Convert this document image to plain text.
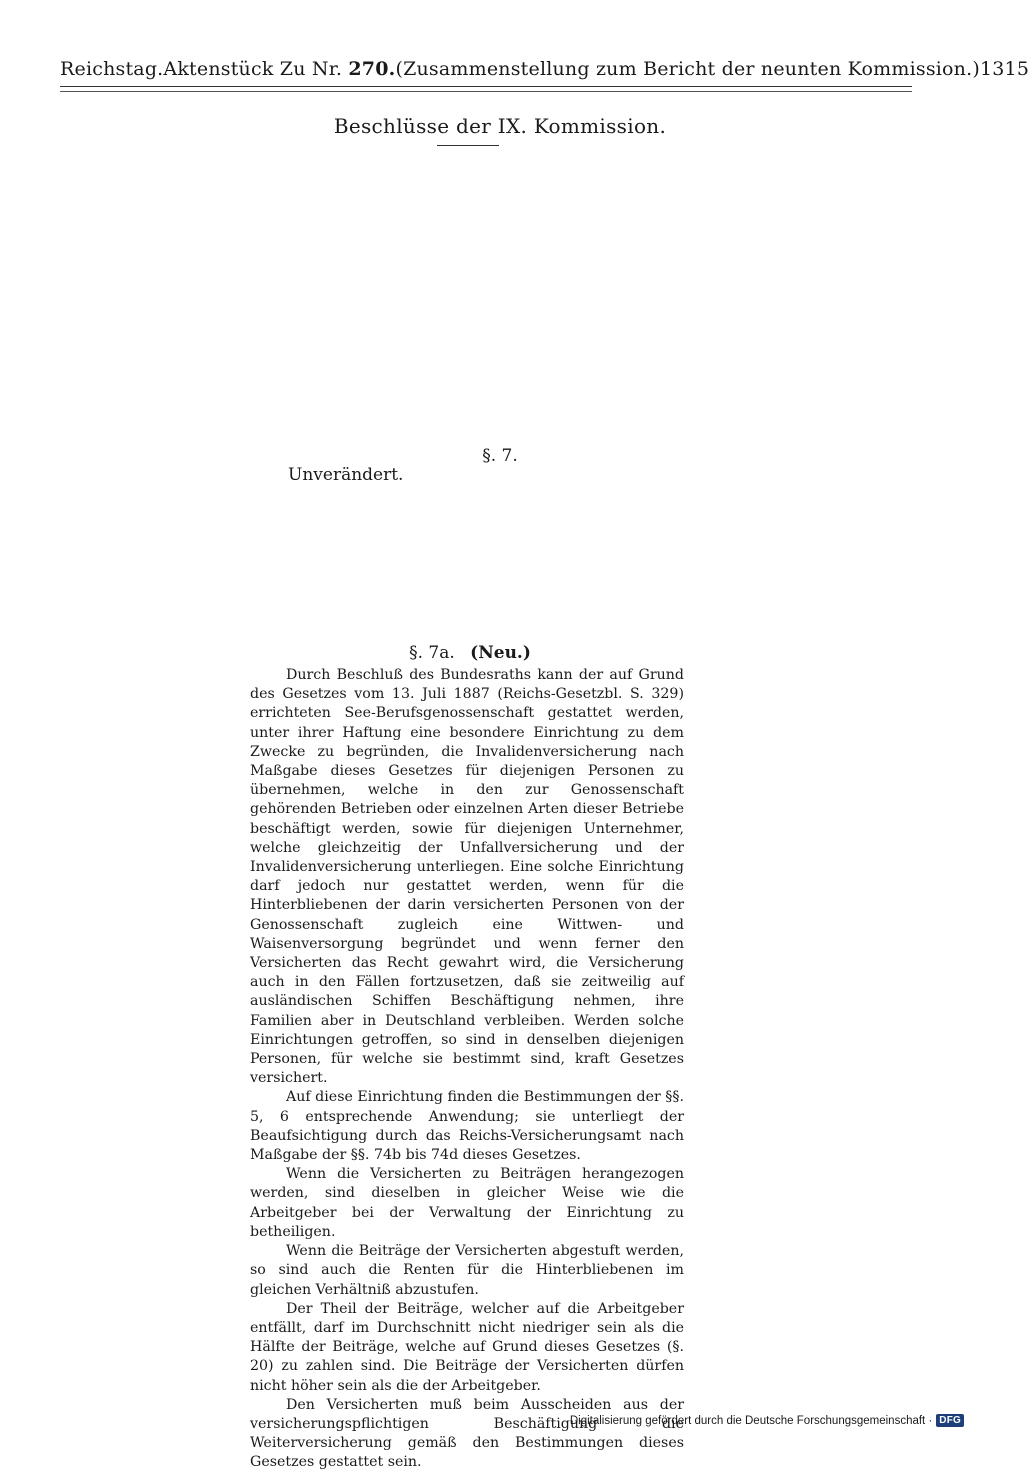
Reichstag. Aktenstück Zu Nr. 270. (Zusammenstellung zum Bericht der neunten Kommission.) 1315
Beschlüsse der IX. Kommission.
§. 7.
Unverändert.
§. 7a. (Neu.)

Durch Beschluß des Bundesraths kann der auf Grund des Gesetzes vom 13. Juli 1887 (Reichs-Gesetzbl. S. 329) errichteten See-Berufsgenossenschaft gestattet werden, unter ihrer Haftung eine besondere Einrichtung zu dem Zwecke zu begründen, die Invalidenversicherung nach Maßgabe dieses Gesetzes für diejenigen Personen zu übernehmen, welche in den zur Genossenschaft gehörenden Betrieben oder einzelnen Arten dieser Betriebe beschäftigt werden, sowie für diejenigen Unternehmer, welche gleichzeitig der Unfallversicherung und der Invalidenversicherung unterliegen. Eine solche Einrichtung darf jedoch nur gestattet werden, wenn für die Hinterbliebenen der darin versicherten Personen von der Genossenschaft zugleich eine Wittwen- und Waisenversorgung begründet und wenn ferner den Versicherten das Recht gewahrt wird, die Versicherung auch in den Fällen fortzusetzen, daß sie zeitweilig auf ausländischen Schiffen Beschäftigung nehmen, ihre Familien aber in Deutschland verbleiben. Werden solche Einrichtungen getroffen, so sind in denselben diejenigen Personen, für welche sie bestimmt sind, kraft Gesetzes versichert.

Auf diese Einrichtung finden die Bestimmungen der §§. 5, 6 entsprechende Anwendung; sie unterliegt der Beaufsichtigung durch das Reichs-Versicherungsamt nach Maßgabe der §§. 74b bis 74d dieses Gesetzes.

Wenn die Versicherten zu Beiträgen herangezogen werden, sind dieselben in gleicher Weise wie die Arbeitgeber bei der Verwaltung der Einrichtung zu betheiligen.

Wenn die Beiträge der Versicherten abgestuft werden, so sind auch die Renten für die Hinterbliebenen im gleichen Verhältniß abzustufen.

Der Theil der Beiträge, welcher auf die Arbeitgeber entfällt, darf im Durchschnitt nicht niedriger sein als die Hälfte der Beiträge, welche auf Grund dieses Gesetzes (§. 20) zu zahlen sind. Die Beiträge der Versicherten dürfen nicht höher sein als die der Arbeitgeber.

Den Versicherten muß beim Ausscheiden aus der versicherungspflichtigen Beschäftigung die Weiterversicherung gemäß den Bestimmungen dieses Gesetzes gestattet sein.

Digitalisierung gefördert durch die Deutsche Forschungsgemeinschaft · DFG
